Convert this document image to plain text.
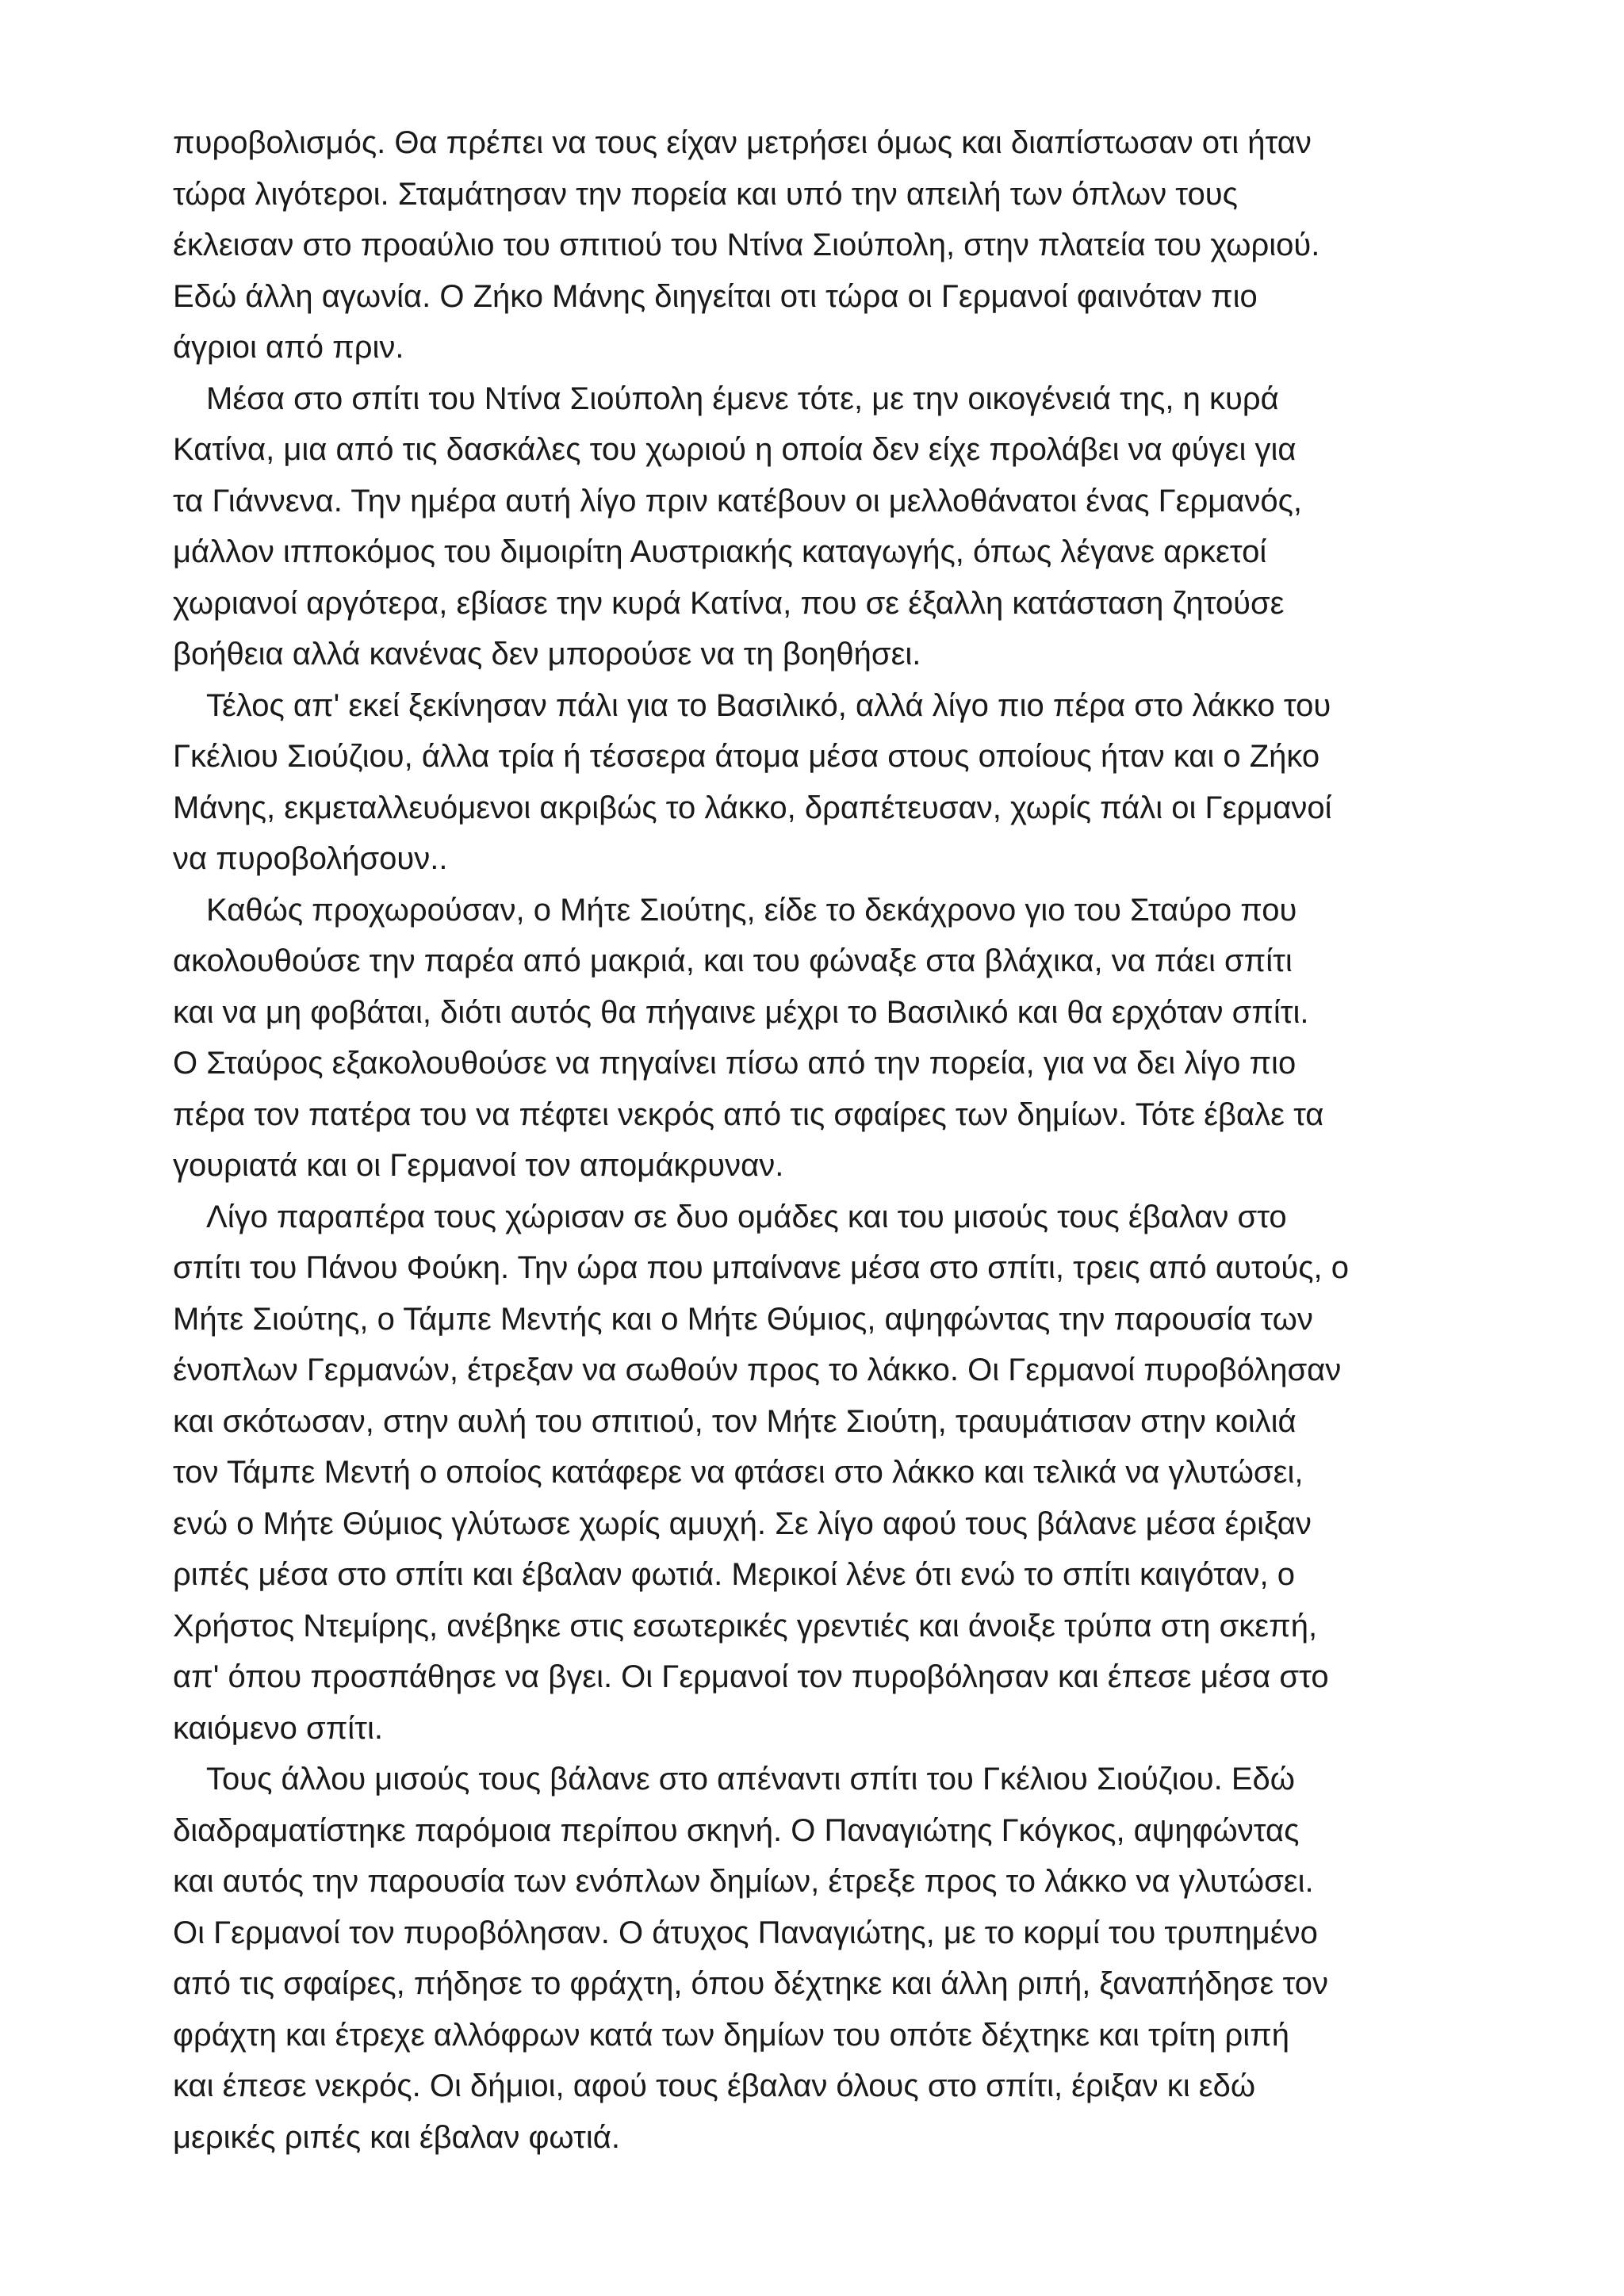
πυροβολισμός. Θα πρέπει να τους είχαν μετρήσει όμως και διαπίστωσαν οτι ήταν
τώρα λιγότεροι. Σταμάτησαν την πορεία και υπό την απειλή των όπλων τους
έκλεισαν στο προαύλιο του σπιτιού του Ντίνα Σιούπολη, στην πλατεία του χωριού.
Εδώ άλλη αγωνία. Ο Ζήκο Μάνης διηγείται οτι τώρα οι Γερμανοί φαινόταν πιο
άγριοι από πριν.
Μέσα στο σπίτι του Ντίνα Σιούπολη έμενε τότε, με την οικογένειά της, η κυρά
Κατίνα, μια από τις δασκάλες του χωριού η οποία δεν είχε προλάβει να φύγει για
τα Γιάννενα. Την ημέρα αυτή λίγο πριν κατέβουν οι μελλοθάνατοι ένας Γερμανός,
μάλλον ιπποκόμος του διμοιρίτη Αυστριακής καταγωγής, όπως λέγανε αρκετοί
χωριανοί αργότερα, εβίασε την κυρά Κατίνα, που σε έξαλλη κατάσταση ζητούσε
βοήθεια αλλά κανένας δεν μπορούσε να τη βοηθήσει.
Τέλος απ' εκεί ξεκίνησαν πάλι για το Βασιλικό, αλλά λίγο πιο πέρα στο λάκκο του
Γκέλιου Σιούζιου, άλλα τρία ή τέσσερα άτομα μέσα στους οποίους ήταν και ο Ζήκο
Μάνης, εκμεταλλευόμενοι ακριβώς το λάκκο, δραπέτευσαν, χωρίς πάλι οι Γερμανοί
να πυροβολήσουν..
Καθώς προχωρούσαν, ο Μήτε Σιούτης, είδε το δεκάχρονο γιο του Σταύρο που
ακολουθούσε την παρέα από μακριά, και του φώναξε στα βλάχικα, να πάει σπίτι
και να μη φοβάται, διότι αυτός θα πήγαινε μέχρι το Βασιλικό και θα ερχόταν σπίτι.
Ο Σταύρος εξακολουθούσε να πηγαίνει πίσω από την πορεία, για να δει λίγο πιο
πέρα τον πατέρα του να πέφτει νεκρός από τις σφαίρες των δημίων. Τότε έβαλε τα
γουριατά και οι Γερμανοί τον απομάκρυναν.
Λίγο παραπέρα τους χώρισαν σε δυο ομάδες και του μισούς τους έβαλαν στο
σπίτι του Πάνου Φούκη. Την ώρα που μπαίνανε μέσα στο σπίτι, τρεις από αυτούς, ο
Μήτε Σιούτης, ο Τάμπε Μεντής και ο Μήτε Θύμιος, αψηφώντας την παρουσία των
ένοπλων Γερμανών, έτρεξαν να σωθούν προς το λάκκο. Οι Γερμανοί πυροβόλησαν
και σκότωσαν, στην αυλή του σπιτιού, τον Μήτε Σιούτη, τραυμάτισαν στην κοιλιά
τον Τάμπε Μεντή ο οποίος κατάφερε να φτάσει στο λάκκο και τελικά να γλυτώσει,
ενώ ο Μήτε Θύμιος γλύτωσε χωρίς αμυχή. Σε λίγο αφού τους βάλανε μέσα έριξαν
ριπές μέσα στο σπίτι και έβαλαν φωτιά. Μερικοί λένε ότι ενώ το σπίτι καιγόταν, ο
Χρήστος Ντεμίρης, ανέβηκε στις εσωτερικές γρεντιές και άνοιξε τρύπα στη σκεπή,
απ' όπου προσπάθησε να βγει. Οι Γερμανοί τον πυροβόλησαν και έπεσε μέσα στο
καιόμενο σπίτι.
Τους άλλου μισούς τους βάλανε στο απέναντι σπίτι του Γκέλιου Σιούζιου. Εδώ
διαδραματίστηκε παρόμοια περίπου σκηνή. Ο Παναγιώτης Γκόγκος, αψηφώντας
και αυτός την παρουσία των ενόπλων δημίων, έτρεξε προς το λάκκο να γλυτώσει.
Οι Γερμανοί τον πυροβόλησαν. Ο άτυχος Παναγιώτης, με το κορμί του τρυπημένο
από τις σφαίρες, πήδησε το φράχτη, όπου δέχτηκε και άλλη ριπή, ξαναπήδησε τον
φράχτη και έτρεχε αλλόφρων κατά των δημίων του οπότε δέχτηκε και τρίτη ριπή
και έπεσε νεκρός. Οι δήμιοι, αφού τους έβαλαν όλους στο σπίτι, έριξαν κι εδώ
μερικές ριπές και έβαλαν φωτιά.
